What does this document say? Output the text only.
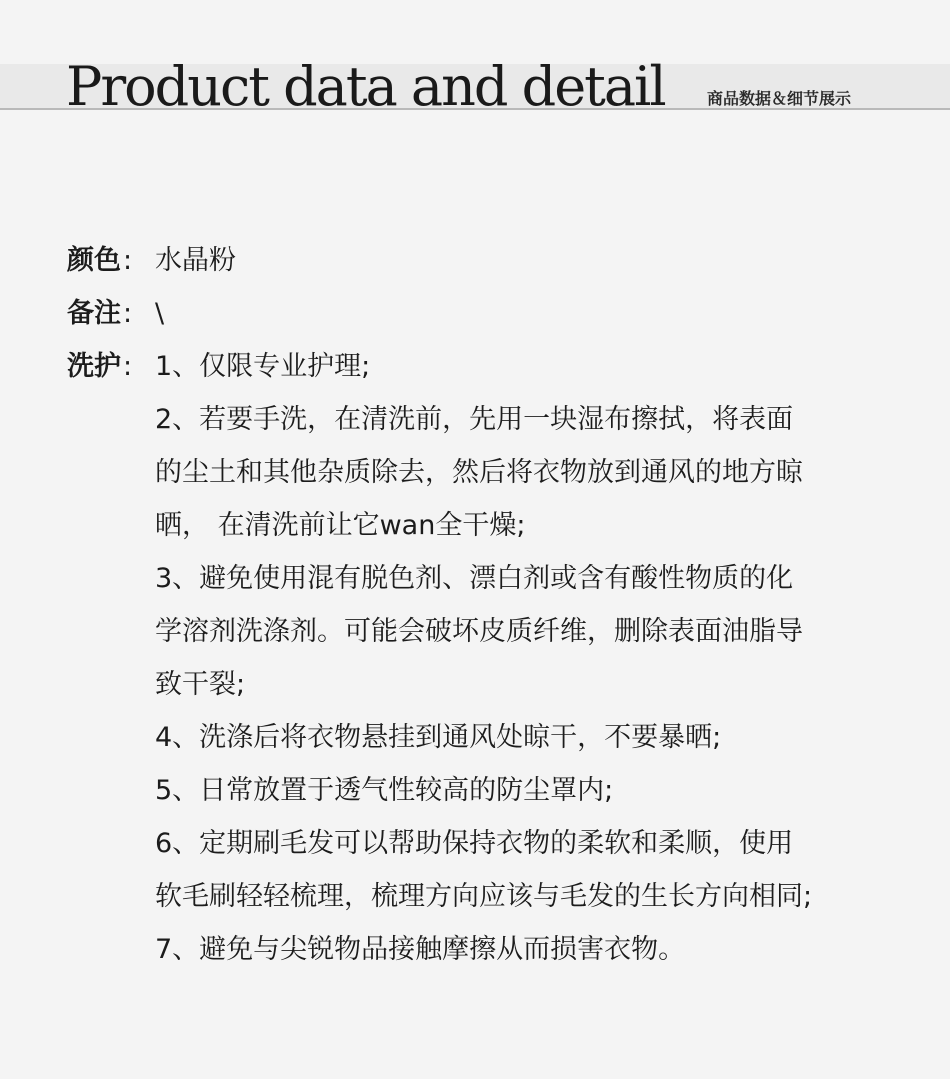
Product data and detail	商品数据＆细节展示
颜色: 水晶粉
备注: \
洗护: 1、仅限专业护理;
2、若要手洗，在清洗前，先用一块湿布擦拭，将表面的尘土和其他杂质除去，然后将衣物放到通风的地方晾晒， 在清洗前让它wan全干燥;
3、避免使用混有脱色剂、漂白剂或含有酸性物质的化学溶剂洗涤剂。可能会破坏皮质纤维，删除表面油脂导致干裂;
4、洗涤后将衣物悬挂到通风处晾干，不要暴晒;
5、日常放置于透气性较高的防尘罩内;
6、定期刷毛发可以帮助保持衣物的柔软和柔顺，使用软毛刷轻轻梳理，梳理方向应该与毛发的生长方向相同;
7、避免与尖锐物品接触摩擦从而损害衣物。
